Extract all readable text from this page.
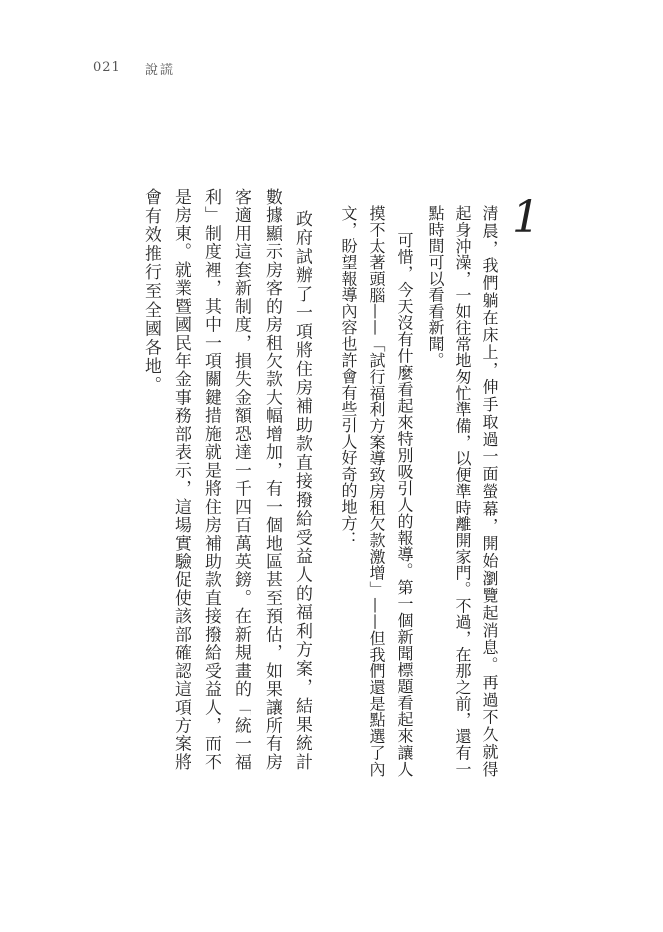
021 說謊
1
清晨，我們躺在床上，伸手取過一面螢幕，開始瀏覽起消息。再過不久就得
起身沖澡，一如往常地匆忙準備，以便準時離開家門。不過，在那之前，還有一
點時間可以看看新聞。
可惜，今天沒有什麼看起來特別吸引人的報導。第一個新聞標題看起來讓人
摸不太著頭腦——「試行福利方案導致房租欠款激增」——但我們還是點選了內
文，盼望報導內容也許會有些引人好奇的地方：
政府試辦了一項將住房補助款直接撥給受益人的福利方案，結果統計
數據顯示房客的房租欠款大幅增加，有一個地區甚至預估，如果讓所有房
客適用這套新制度，損失金額恐達一千四百萬英鎊。在新規畫的「統一福
利」制度裡，其中一項關鍵措施就是將住房補助款直接撥給受益人，而不
是房東。就業暨國民年金事務部表示，這場實驗促使該部確認這項方案將
會有效推行至全國各地。
